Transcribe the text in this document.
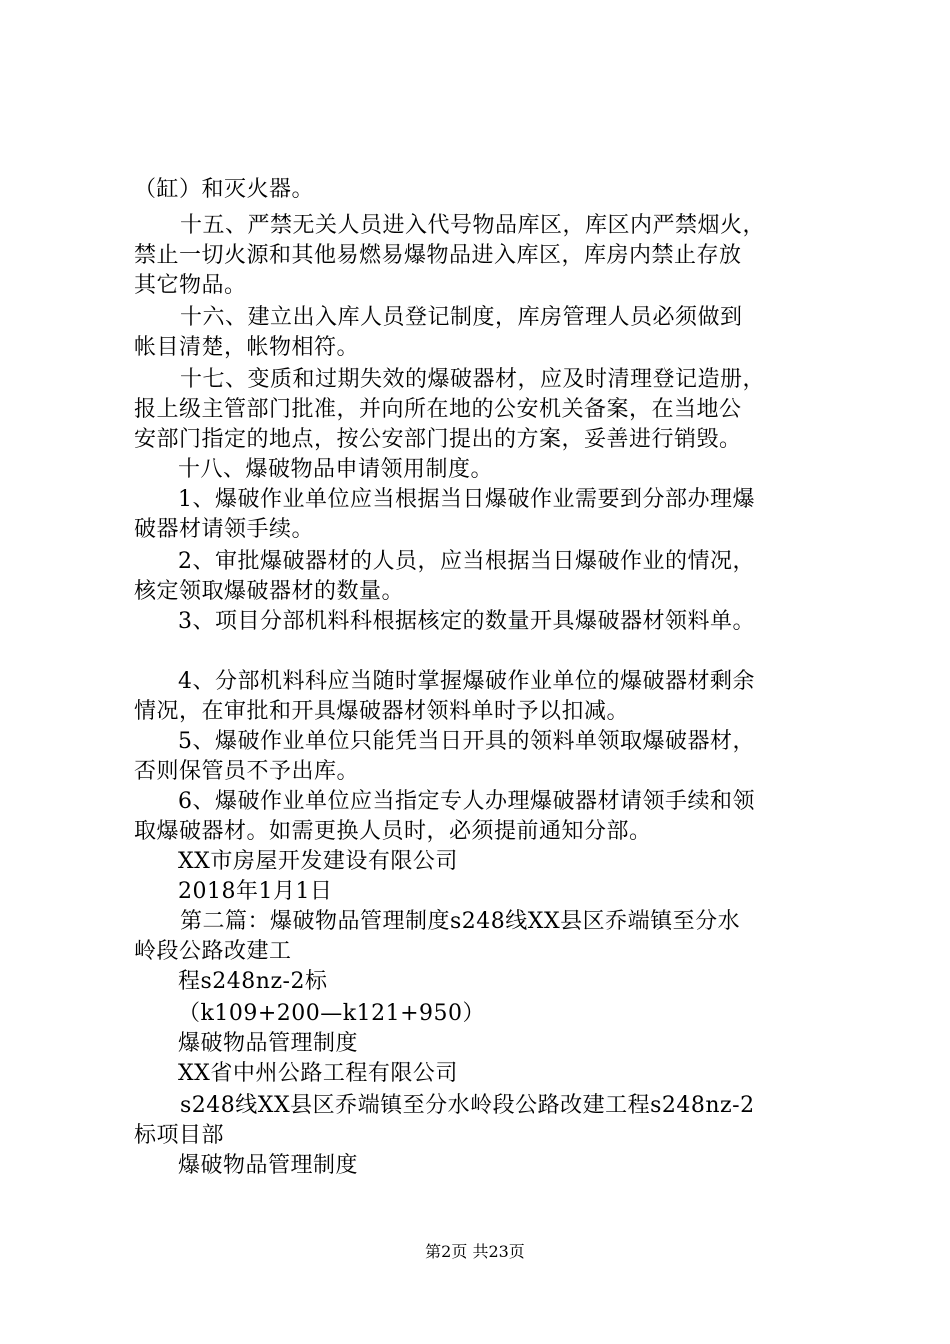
（缸）和灭火器。
十五、严禁无关人员进入代号物品库区，库区内严禁烟火，
禁止一切火源和其他易燃易爆物品进入库区，库房内禁止存放
其它物品。
十六、建立出入库人员登记制度，库房管理人员必须做到
帐目清楚，帐物相符。
十七、变质和过期失效的爆破器材，应及时清理登记造册，
报上级主管部门批准，并向所在地的公安机关备案，在当地公
安部门指定的地点，按公安部门提出的方案，妥善进行销毁。
十八、爆破物品申请领用制度。
1、爆破作业单位应当根据当日爆破作业需要到分部办理爆
破器材请领手续。
2、审批爆破器材的人员，应当根据当日爆破作业的情况，
核定领取爆破器材的数量。
3、项目分部机料科根据核定的数量开具爆破器材领料单。
4、分部机料科应当随时掌握爆破作业单位的爆破器材剩余
情况，在审批和开具爆破器材领料单时予以扣减。
5、爆破作业单位只能凭当日开具的领料单领取爆破器材，
否则保管员不予出库。
6、爆破作业单位应当指定专人办理爆破器材请领手续和领
取爆破器材。如需更换人员时，必须提前通知分部。
XX市房屋开发建设有限公司
2018年1月1日
第二篇：爆破物品管理制度s248线XX县区乔端镇至分水
岭段公路改建工
程s248nz-2标
（k109+200—k121+950）
爆破物品管理制度
XX省中州公路工程有限公司
s248线XX县区乔端镇至分水岭段公路改建工程s248nz-2
标项目部
爆破物品管理制度
第2页 共23页
